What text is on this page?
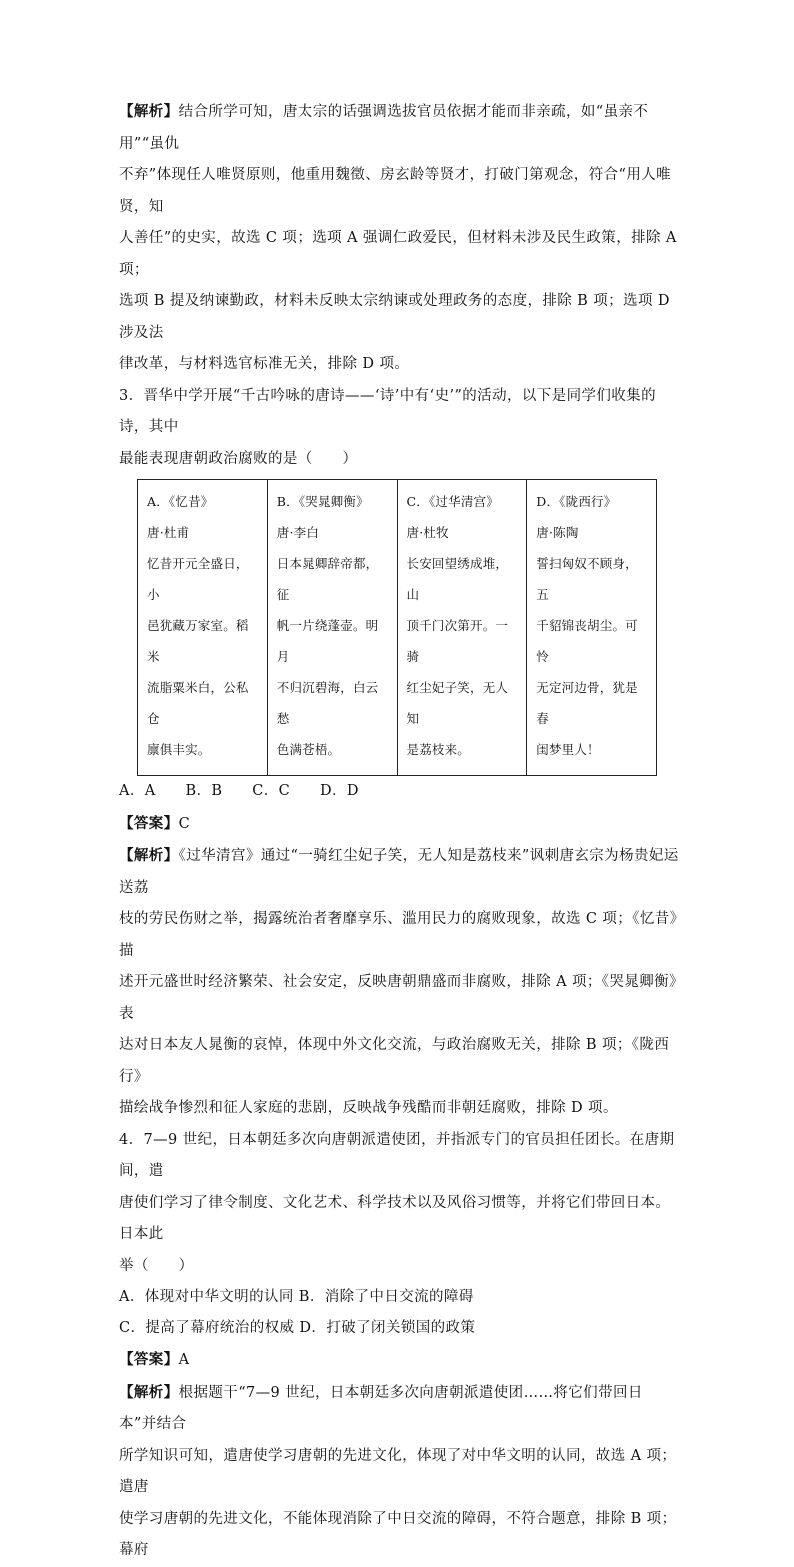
【解析】结合所学可知，唐太宗的话强调选拔官员依据才能而非亲疏，如“虽亲不用”“虽仇

不弃”体现任人唯贤原则，他重用魏徵、房玄龄等贤才，打破门第观念，符合“用人唯贤，知

人善任”的史实，故选 C 项；选项 A 强调仁政爱民，但材料未涉及民生政策，排除 A 项；

选项 B 提及纳谏勤政，材料未反映太宗纳谏或处理政务的态度，排除 B 项；选项 D 涉及法

律改革，与材料选官标准无关，排除 D 项。

3．晋华中学开展“千古吟咏的唐诗——‘诗’中有‘史’”的活动，以下是同学们收集的诗，其中

最能表现唐朝政治腐败的是（　　）

A．《忆昔》
唐·杜甫
忆昔开元全盛日，小
邑犹藏万家室。稻米
流脂粟米白，公私仓
廪俱丰实。

B．《哭晁卿衡》
唐·李白
日本晁卿辞帝都，征
帆一片绕蓬壶。明月
不归沉碧海，白云愁
色满苍梧。

C．《过华清宫》
唐·杜牧
长安回望绣成堆，山
顶千门次第开。一骑
红尘妃子笑，无人知
是荔枝来。

D．《陇西行》
唐·陈陶
誓扫匈奴不顾身，五
千貂锦丧胡尘。可怜
无定河边骨，犹是春
闺梦里人！

A．A　　B．B　　C．C　　D．D

【答案】C

【解析】《过华清宫》通过“一骑红尘妃子笑，无人知是荔枝来”讽刺唐玄宗为杨贵妃运送荔

枝的劳民伤财之举，揭露统治者奢靡享乐、滥用民力的腐败现象，故选 C 项；《忆昔》描

述开元盛世时经济繁荣、社会安定，反映唐朝鼎盛而非腐败，排除 A 项；《哭晁卿衡》表

达对日本友人晁衡的哀悼，体现中外文化交流，与政治腐败无关，排除 B 项；《陇西行》

描绘战争惨烈和征人家庭的悲剧，反映战争残酷而非朝廷腐败，排除 D 项。

4．7—9 世纪，日本朝廷多次向唐朝派遣使团，并指派专门的官员担任团长。在唐期间，遣

唐使们学习了律令制度、文化艺术、科学技术以及风俗习惯等，并将它们带回日本。日本此

举（　　）

A．体现对中华文明的认同 B．消除了中日交流的障碍

C．提高了幕府统治的权威 D．打破了闭关锁国的政策

【答案】A

【解析】根据题干“7—9 世纪，日本朝廷多次向唐朝派遣使团……将它们带回日本”并结合

所学知识可知，遣唐使学习唐朝的先进文化，体现了对中华文明的认同，故选 A 项；遣唐

使学习唐朝的先进文化，不能体现消除了中日交流的障碍，不符合题意，排除 B 项；幕府
